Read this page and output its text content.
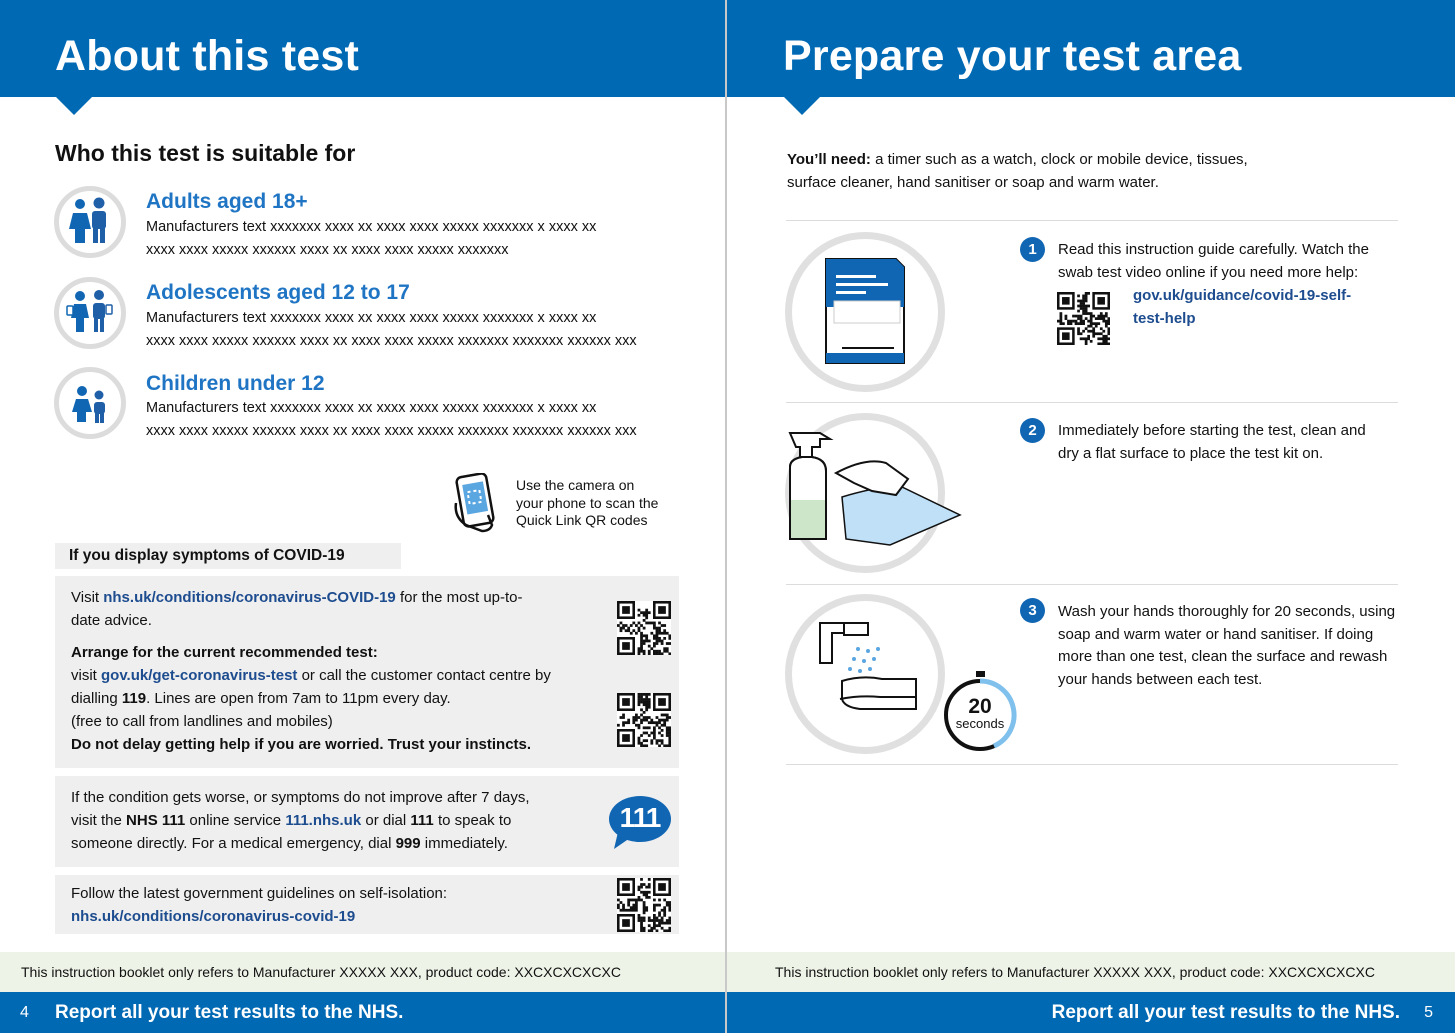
About this test
Who this test is suitable for
Adults aged 18+
Manufacturers text xxxxxxx xxxx xx xxxx xxxx xxxxx xxxxxxx x xxxx xx
xxxx xxxx xxxxx xxxxxx xxxx xx xxxx xxxx xxxxx xxxxxxx
Adolescents aged 12 to 17
Manufacturers text xxxxxxx xxxx xx xxxx xxxx xxxxx xxxxxxx x xxxx xx
xxxx xxxx xxxxx xxxxxx xxxx xx xxxx xxxx xxxxx xxxxxxx xxxxxxx xxxxxx xxx
Children under 12
Manufacturers text xxxxxxx xxxx xx xxxx xxxx xxxxx xxxxxxx x xxxx xx
xxxx xxxx xxxxx xxxxxx xxxx xx xxxx xxxx xxxxx xxxxxxx xxxxxxx xxxxxx xxx
Use the camera on
your phone to scan the
Quick Link QR codes
If you display symptoms of COVID-19
Visit nhs.uk/conditions/coronavirus-COVID-19 for the most up-to-
date advice.
Arrange for the current recommended test:
visit gov.uk/get-coronavirus-test or call the customer contact centre by
dialling 119. Lines are open from 7am to 11pm every day.
(free to call from landlines and mobiles)
Do not delay getting help if you are worried. Trust your instincts.
If the condition gets worse, or symptoms do not improve after 7 days,
visit the NHS 111 online service 111.nhs.uk or dial 111 to speak to
someone directly. For a medical emergency, dial 999 immediately.
111
Follow the latest government guidelines on self-isolation:
nhs.uk/conditions/coronavirus-covid-19
This instruction booklet only refers to Manufacturer XXXXX XXX, product code: XXCXCXCXCXC
4 Report all your test results to the NHS.
Prepare your test area
You’ll need: a timer such as a watch, clock or mobile device, tissues,
surface cleaner, hand sanitiser or soap and warm water.
1	Read this instruction guide carefully. Watch the
swab test video online if you need more help:
gov.uk/guidance/covid-19-self-
test-help
2	Immediately before starting the test, clean and
dry a flat surface to place the test kit on.
20
seconds
3	Wash your hands thoroughly for 20 seconds, using
soap and warm water or hand sanitiser. If doing
more than one test, clean the surface and rewash
your hands between each test.
This instruction booklet only refers to Manufacturer XXXXX XXX, product code: XXCXCXCXCXC
Report all your test results to the NHS. 5
